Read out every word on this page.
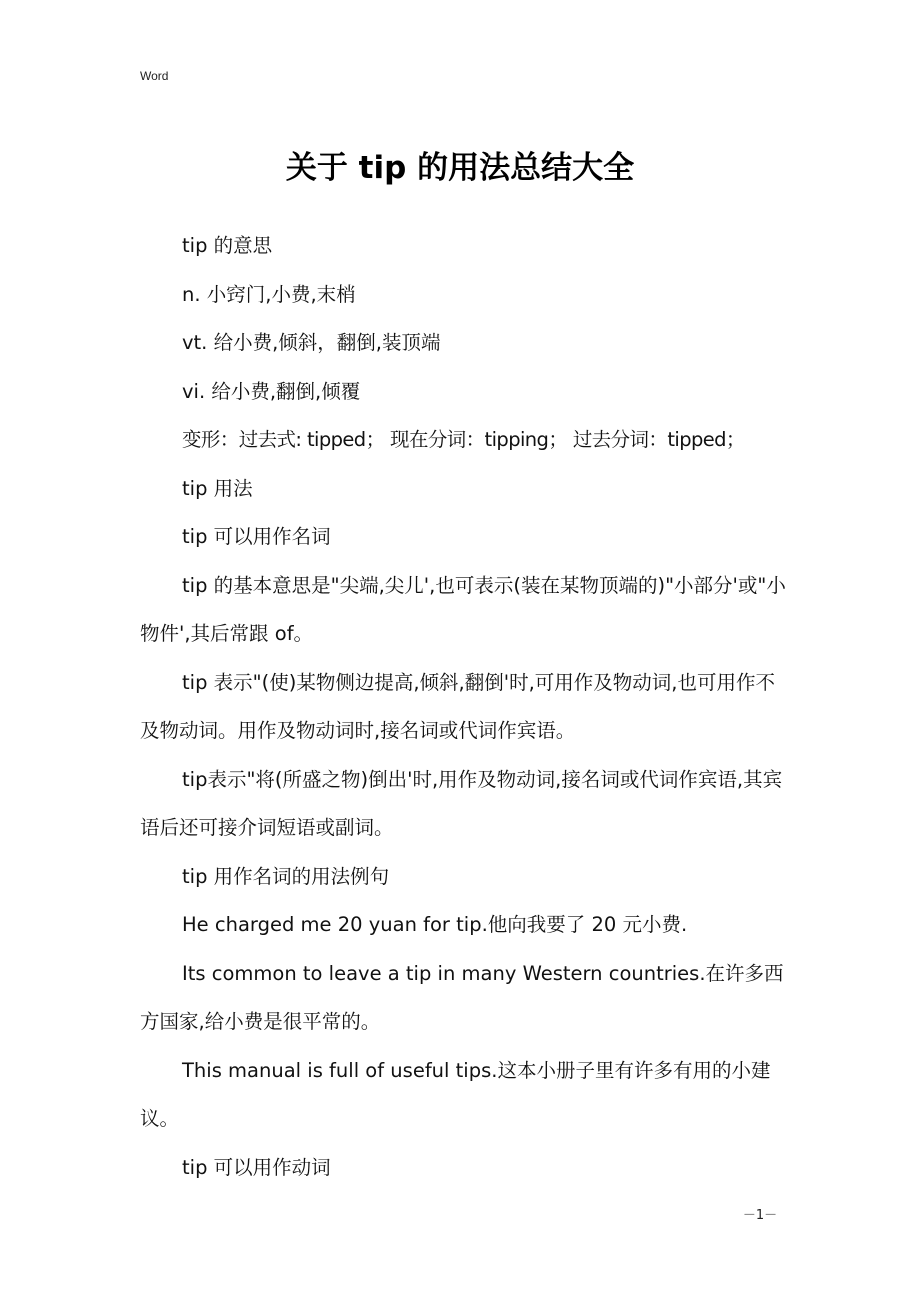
Word
关于 tip 的用法总结大全

tip 的意思

n. 小窍门,小费,末梢

vt. 给小费,倾斜，翻倒,装顶端

vi. 给小费,翻倒,倾覆

变形：过去式: tipped； 现在分词：tipping； 过去分词：tipped；

tip 用法

tip 可以用作名词

tip 的基本意思是"尖端,尖儿',也可表示(装在某物顶端的)"小部分'或"小物件',其后常跟 of。

tip 表示"(使)某物侧边提高,倾斜,翻倒'时,可用作及物动词,也可用作不及物动词。用作及物动词时,接名词或代词作宾语。

tip表示"将(所盛之物)倒出'时,用作及物动词,接名词或代词作宾语,其宾语后还可接介词短语或副词。

tip 用作名词的用法例句

He charged me 20 yuan for tip.他向我要了 20 元小费.

Its common to leave a tip in many Western countries.在许多西方国家,给小费是很平常的。

This manual is full of useful tips.这本小册子里有许多有用的小建议。

tip 可以用作动词

－1－
